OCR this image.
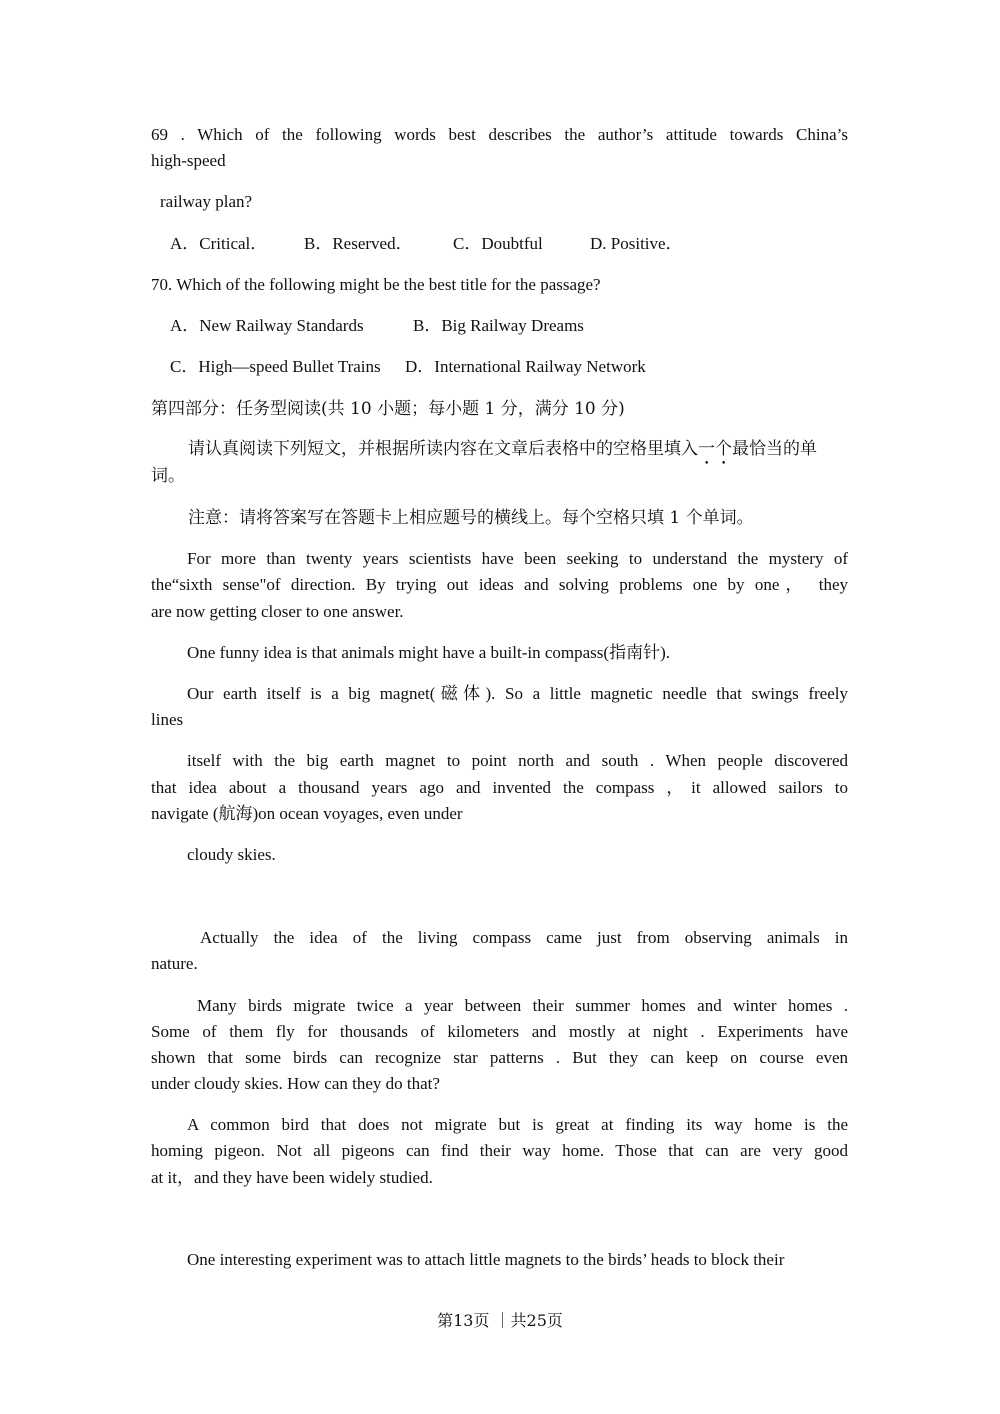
69 . Which of the following words best describes the author’s attitude towards China’s
high-speed
railway plan?
A．Critical． B．Reserved． C．Doubtful	D. Positive．
70. Which of the following might be the best title for the passage?
A．New Railway Standards	B．Big Railway Dreams
C．High—speed Bullet Trains D．International Railway Network
第四部分：任务型阅读(共 10 小题；每小题 1 分，满分 10 分)
请认真阅读下列短文，并根据所读内容在文章后表格中的空格里填入一个最恰当的单
词。
注意：请将答案写在答题卡上相应题号的横线上。每个空格只填 1 个单词。
For more than twenty years scientists have been seeking to understand the mystery of
the“sixth sense"of direction. By trying out ideas and solving problems one by one， they
are now getting closer to one answer.
One funny idea is that animals might have a built-in compass(指南针).
Our earth itself is a big magnet(磁体). So a little magnetic needle that swings freely
lines
itself with the big earth magnet to point north and south . When people discovered
that idea about a thousand years ago and invented the compass ，it allowed sailors to
navigate (航海)on ocean voyages, even under
cloudy skies.
Actually the idea of the living compass came just from observing animals in
nature.
Many birds migrate twice a year between their summer homes and winter homes .
Some of them fly for thousands of kilometers and mostly at night . Experiments have
shown that some birds can recognize star patterns . But they can keep on course even
under cloudy skies. How can they do that?
A common bird that does not migrate but is great at finding its way home is the
homing pigeon. Not all pigeons can find their way home. Those that can are very good
at it，and they have been widely studied.
One interesting experiment was to attach little magnets to the birds’ heads to block their
第13页 ｜共25页
